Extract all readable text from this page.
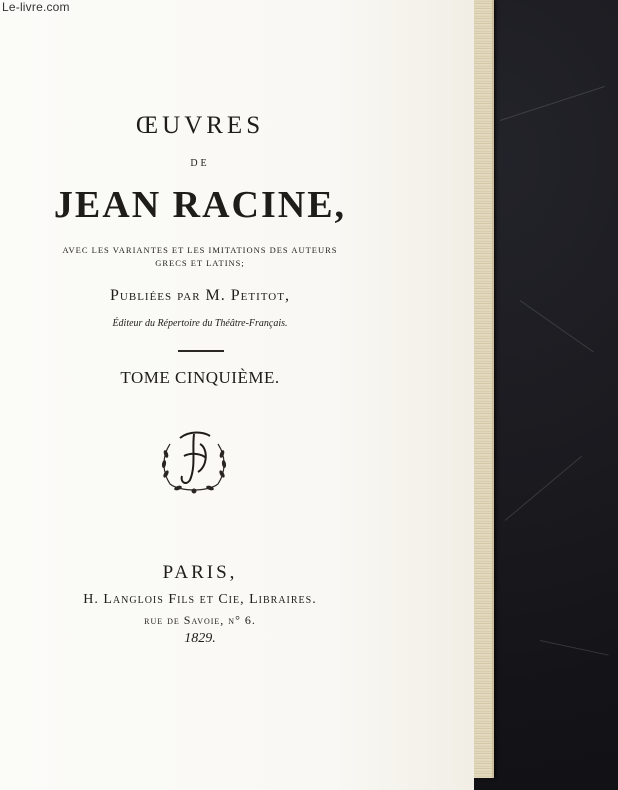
Le-livre.com
ŒUVRES
DE
JEAN RACINE,
AVEC LES VARIANTES ET LES IMITATIONS DES AUTEURS
GRECS ET LATINS;
Publiées par M. Petitot,
Éditeur du Répertoire du Théâtre-Français.
TOME CINQUIÈME.
PARIS,
H. Langlois Fils et Cie, Libraires.
rue de Savoie, n° 6.
1829.
